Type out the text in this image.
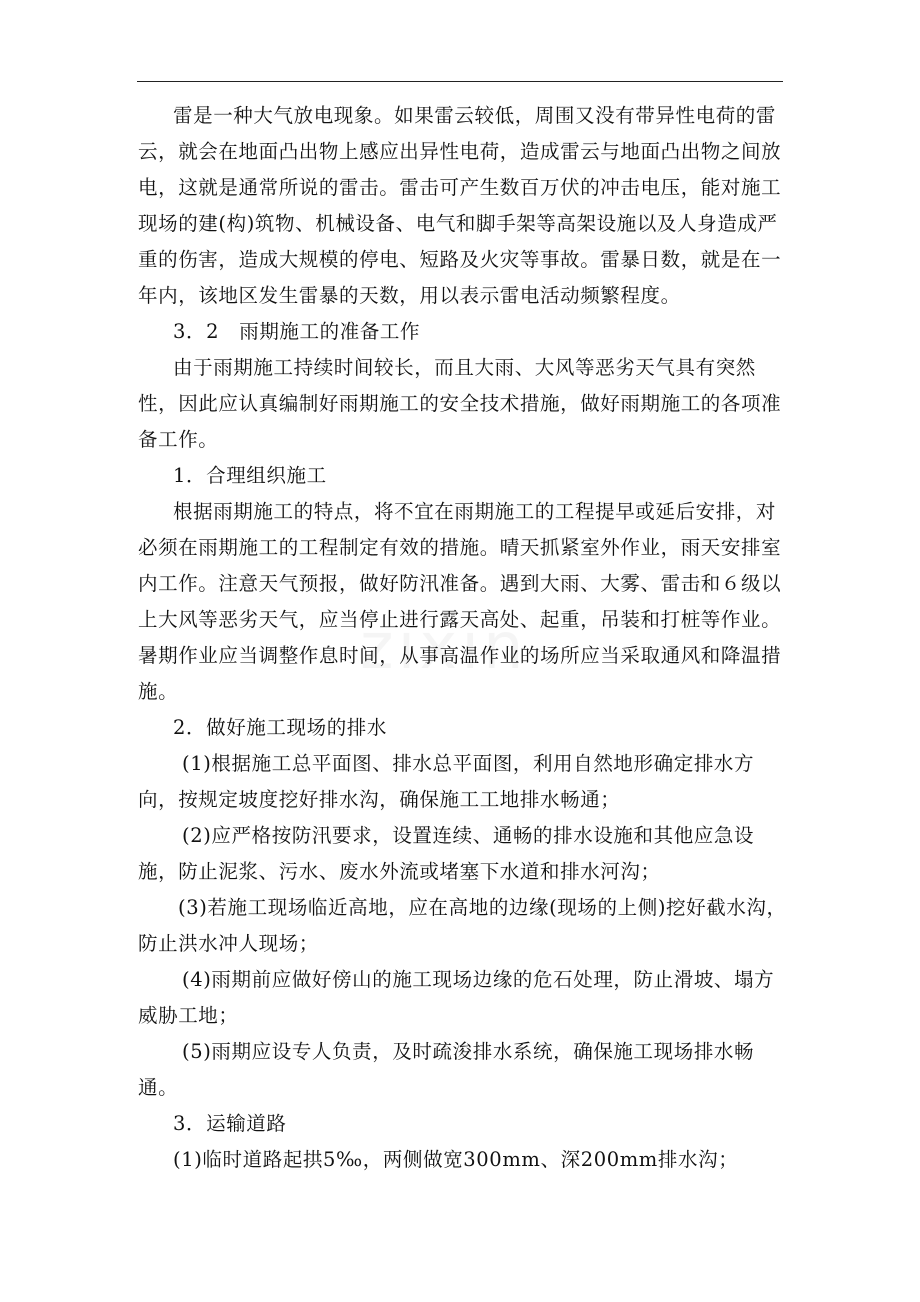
雷是一种大气放电现象。如果雷云较低，周围又没有带异性电荷的雷云，就会在地面凸出物上感应出异性电荷，造成雷云与地面凸出物之间放电，这就是通常所说的雷击。雷击可产生数百万伏的冲击电压，能对施工现场的建(构)筑物、机械设备、电气和脚手架等高架设施以及人身造成严重的伤害，造成大规模的停电、短路及火灾等事故。雷暴日数，就是在一年内，该地区发生雷暴的天数，用以表示雷电活动频繁程度。

3．2　雨期施工的准备工作

由于雨期施工持续时间较长，而且大雨、大风等恶劣天气具有突然性，因此应认真编制好雨期施工的安全技术措施，做好雨期施工的各项准备工作。

1．合理组织施工

根据雨期施工的特点，将不宜在雨期施工的工程提早或延后安排，对必须在雨期施工的工程制定有效的措施。晴天抓紧室外作业，雨天安排室内工作。注意天气预报，做好防汛准备。遇到大雨、大雾、雷击和６级以上大风等恶劣天气，应当停止进行露天高处、起重，吊装和打桩等作业。暑期作业应当调整作息时间，从事高温作业的场所应当采取通风和降温措施。

2．做好施工现场的排水

(1)根据施工总平面图、排水总平面图，利用自然地形确定排水方向，按规定坡度挖好排水沟，确保施工工地排水畅通；

(2)应严格按防汛要求，设置连续、通畅的排水设施和其他应急设施，防止泥浆、污水、废水外流或堵塞下水道和排水河沟；

(3)若施工现场临近高地，应在高地的边缘(现场的上侧)挖好截水沟，防止洪水冲人现场；

(4)雨期前应做好傍山的施工现场边缘的危石处理，防止滑坡、塌方威胁工地；

(5)雨期应设专人负责，及时疏浚排水系统，确保施工现场排水畅通。

3．运输道路

(1)临时道路起拱5‰，两侧做宽300mm、深200mm排水沟；
